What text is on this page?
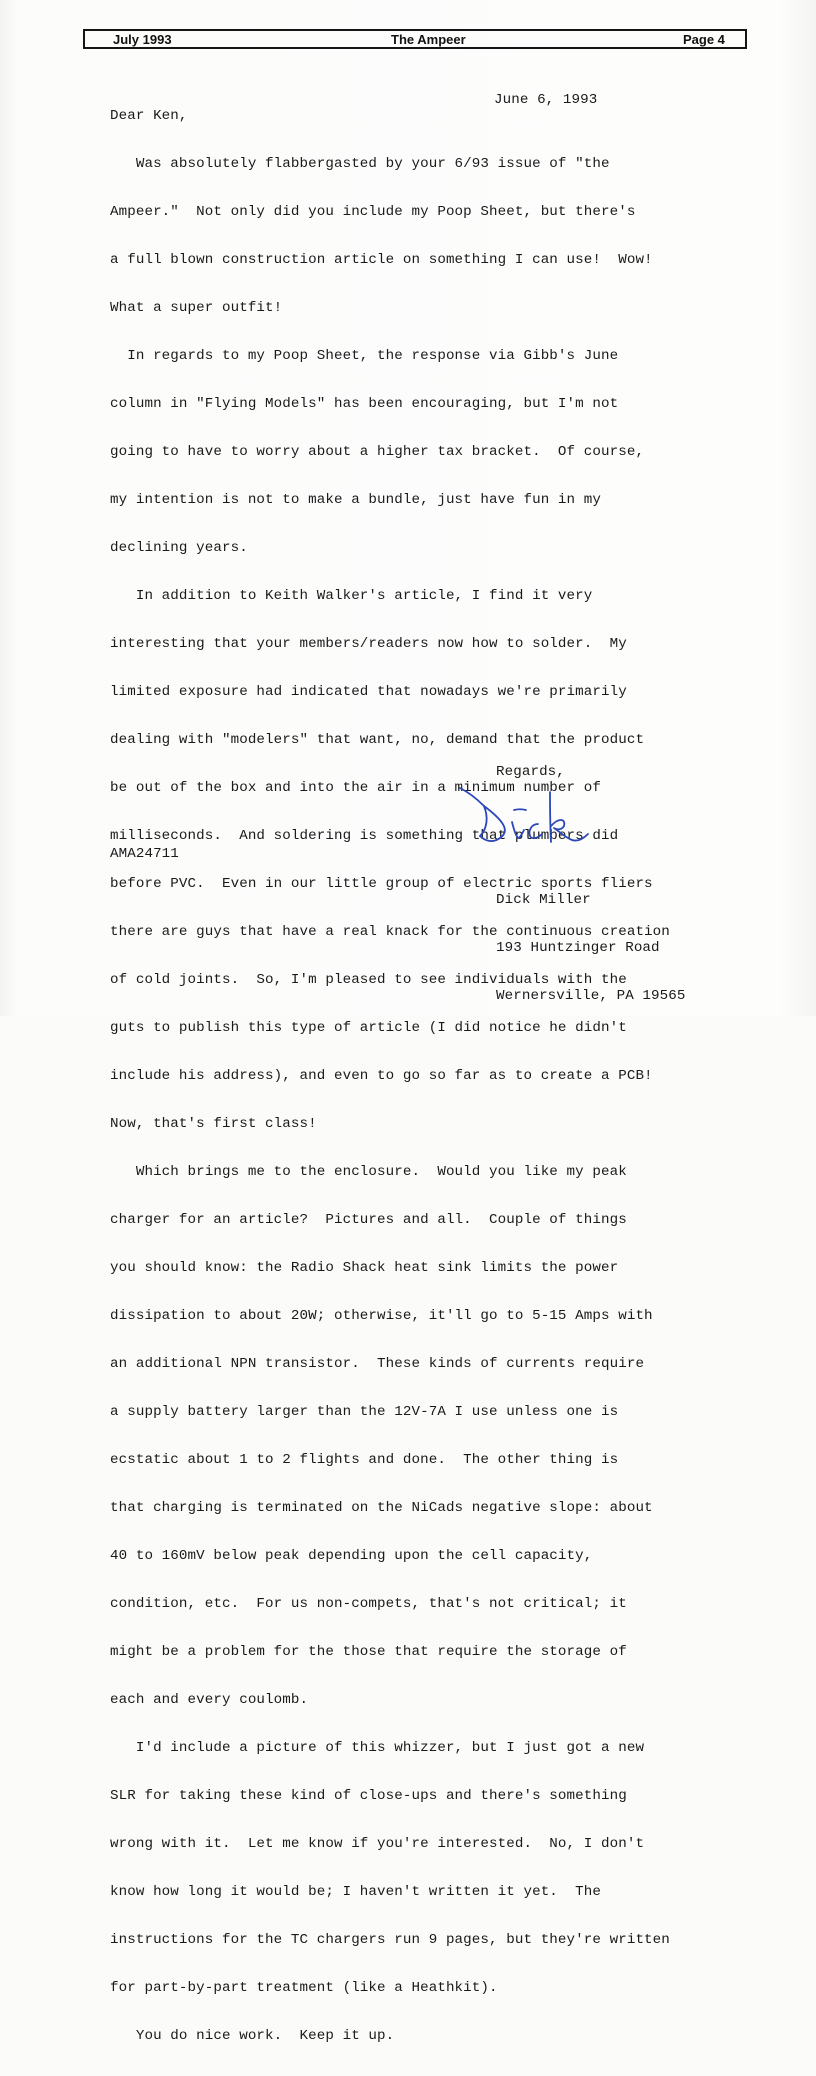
July 1993	The Ampeer	Page 4
June 6, 1993
Dear Ken,

Was absolutely flabbergasted by your 6/93 issue of "the

Ampeer."  Not only did you include my Poop Sheet, but there's

a full blown construction article on something I can use!  Wow!

What a super outfit!

In regards to my Poop Sheet, the response via Gibb's June

column in "Flying Models" has been encouraging, but I'm not

going to have to worry about a higher tax bracket.  Of course,

my intention is not to make a bundle, just have fun in my

declining years.

In addition to Keith Walker's article, I find it very

interesting that your members/readers now how to solder.  My

limited exposure had indicated that nowadays we're primarily

dealing with "modelers" that want, no, demand that the product

be out of the box and into the air in a minimum number of

milliseconds.  And soldering is something that plumbers did

before PVC.  Even in our little group of electric sports fliers

there are guys that have a real knack for the continuous creation

of cold joints.  So, I'm pleased to see individuals with the

guts to publish this type of article (I did notice he didn't

include his address), and even to go so far as to create a PCB!

Now, that's first class!

Which brings me to the enclosure.  Would you like my peak

charger for an article?  Pictures and all.  Couple of things

you should know: the Radio Shack heat sink limits the power

dissipation to about 20W; otherwise, it'll go to 5-15 Amps with

an additional NPN transistor.  These kinds of currents require

a supply battery larger than the 12V-7A I use unless one is

ecstatic about 1 to 2 flights and done.  The other thing is

that charging is terminated on the NiCads negative slope: about

40 to 160mV below peak depending upon the cell capacity,

condition, etc.  For us non-compets, that's not critical; it

might be a problem for the those that require the storage of

each and every coulomb.

I'd include a picture of this whizzer, but I just got a new

SLR for taking these kind of close-ups and there's something

wrong with it.  Let me know if you're interested.  No, I don't

know how long it would be; I haven't written it yet.  The

instructions for the TC chargers run 9 pages, but they're written

for part-by-part treatment (like a Heathkit).

You do nice work.  Keep it up.

Regards,
AMA24711

Dick Miller

193 Huntzinger Road

Wernersville, PA 19565
